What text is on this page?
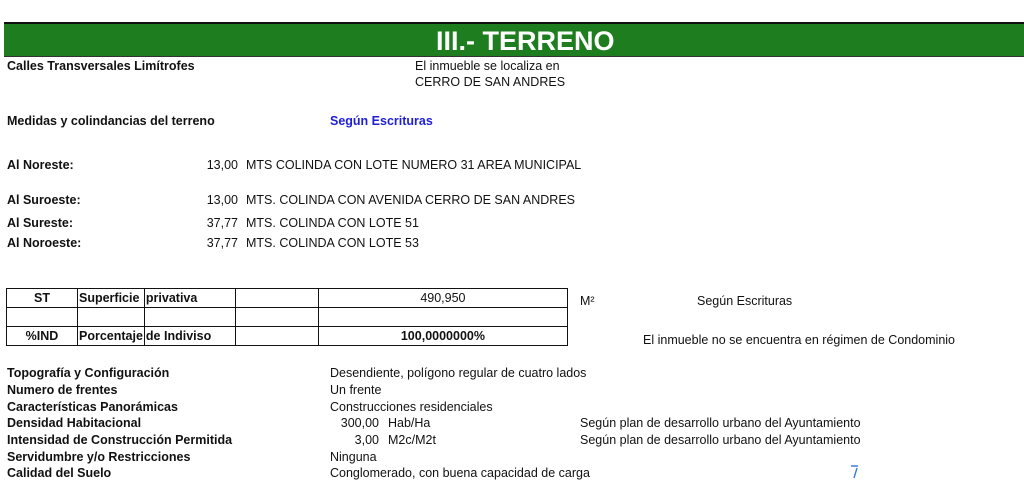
III.- TERRENO
Calles Transversales Limítrofes	El inmueble se localiza en
CERRO DE SAN ANDRES
Medidas y colindancias del terreno	Según Escrituras
Al Noreste:	13,00 MTS COLINDA CON LOTE NUMERO 31 AREA MUNICIPAL
Al Suroeste:	13,00 MTS. COLINDA CON AVENIDA CERRO DE SAN ANDRES
Al Sureste:	37,77 MTS. COLINDA CON LOTE 51
Al Noroeste:	37,77 MTS. COLINDA CON LOTE 53
ST	Superficie	privativa		490,950

%IND	Porcentaje	de Indiviso		100,0000000%
M²	Según Escrituras
El inmueble no se encuentra en régimen de Condominio
Topografía y Configuración	Desendiente, polígono regular de cuatro lados
Numero de frentes	Un frente
Características Panorámicas	Construcciones residenciales
Densidad Habitacional	300,00 Hab/Ha	Según plan de desarrollo urbano del Ayuntamiento
Intensidad de Construcción Permitida	3,00 M2c/M2t	Según plan de desarrollo urbano del Ayuntamiento
Servidumbre y/o Restricciones	Ninguna
Calidad del Suelo	Conglomerado, con buena capacidad de carga
